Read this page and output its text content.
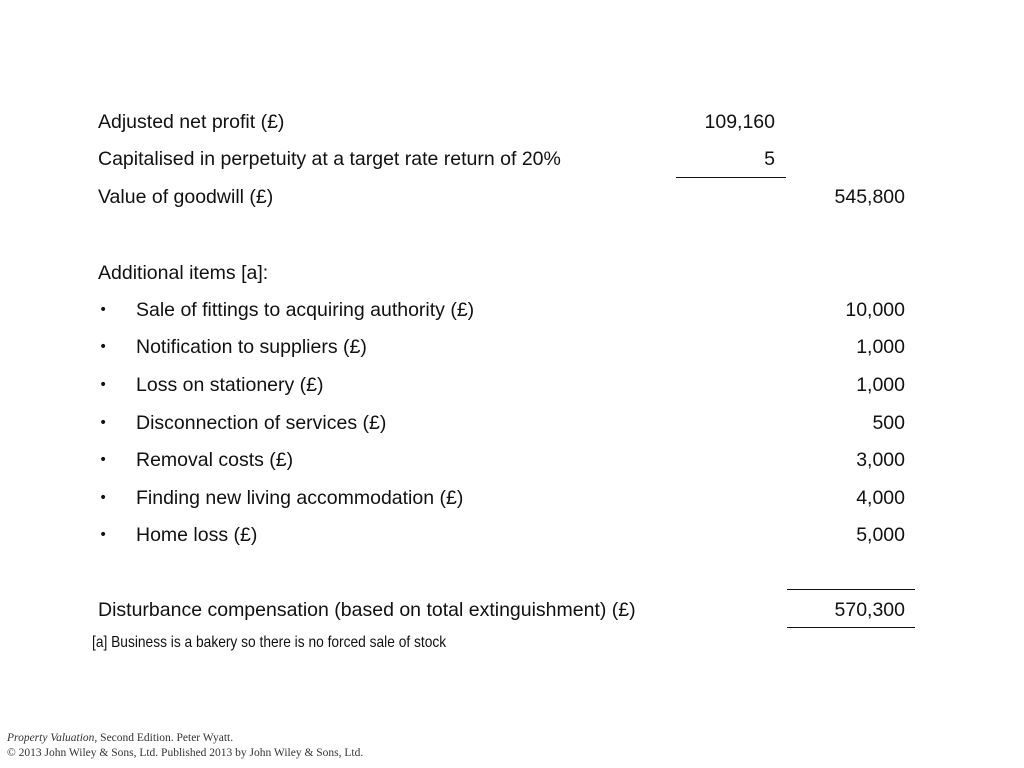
Adjusted net profit (£)	109,160
Capitalised in perpetuity at a target rate return of 20%	5
Value of goodwill (£)	545,800
Additional items [a]:
• Sale of fittings to acquiring authority (£)	10,000
• Notification to suppliers (£)	1,000
• Loss on stationery (£)	1,000
• Disconnection of services (£)	500
• Removal costs (£)	3,000
• Finding new living accommodation (£)	4,000
• Home loss (£)	5,000
Disturbance compensation (based on total extinguishment) (£)	570,300
[a] Business is a bakery so there is no forced sale of stock
Property Valuation, Second Edition. Peter Wyatt.
© 2013 John Wiley & Sons, Ltd. Published 2013 by John Wiley & Sons, Ltd.
